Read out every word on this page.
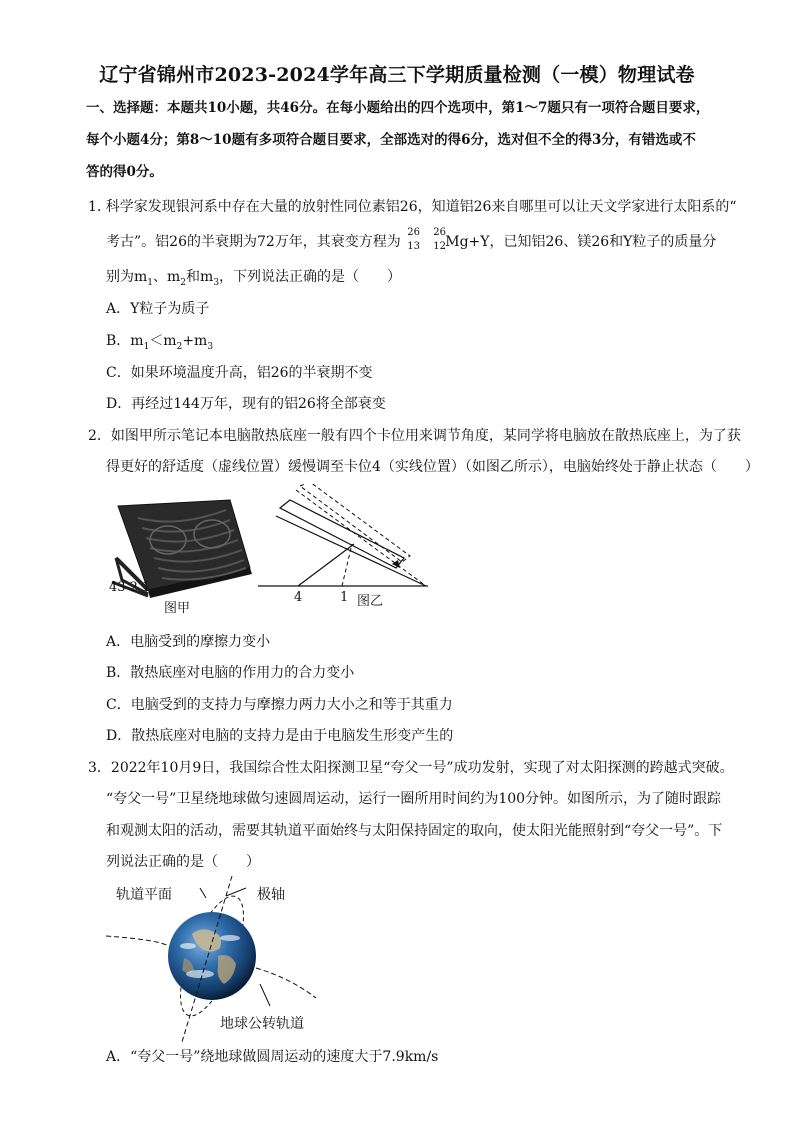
辽宁省锦州市2023-2024学年高三下学期质量检测（一模）物理试卷
一、选择题：本题共10小题，共46分。在每小题给出的四个选项中，第1～7题只有一项符合题目要求，
每个小题4分；第8～10题有多项符合题目要求，全部选对的得6分，选对但不全的得3分，有错选或不
答的得0分。
1. 科学家发现银河系中存在大量的放射性同位素铝26，知道铝26来自哪里可以让天文学家进行太阳系的“
考古”。铝26的半衰期为72万年，其衰变方程为
26
13
26
12 Mg+Y，已知铝26、镁26和Y粒子的质量分
别为$m_1$、$m_2$和$m_3$，下列说法正确的是（　　）
A．Y粒子为质子
B．$m_1<m_2+m_3$
C．如果环境温度升高，铝26的半衰期不变
D．再经过144万年，现有的铝26将全部衰变
2．如图甲所示笔记本电脑散热底座一般有四个卡位用来调节角度，某同学将电脑放在散热底座上，为了获
得更好的舒适度（虚线位置）缓慢调至卡位4（实线位置）（如图乙所示），电脑始终处于静止状态（　　）
43 2 1
图甲
4	1 图乙
A．电脑受到的摩擦力变小
B．散热底座对电脑的作用力的合力变小
C．电脑受到的支持力与摩擦力两力大小之和等于其重力
D．散热底座对电脑的支持力是由于电脑发生形变产生的
3．2022年10月9日，我国综合性太阳探测卫星“夸父一号”成功发射，实现了对太阳探测的跨越式突破。
“夸父一号”卫星绕地球做匀速圆周运动，运行一圈所用时间约为100分钟。如图所示，为了随时跟踪
和观测太阳的活动，需要其轨道平面始终与太阳保持固定的取向，使太阳光能照射到“夸父一号”。下
列说法正确的是（　　）
轨道平面	极轴
地球公转轨道
A．“夸父一号”绕地球做圆周运动的速度大于7.9km/s
